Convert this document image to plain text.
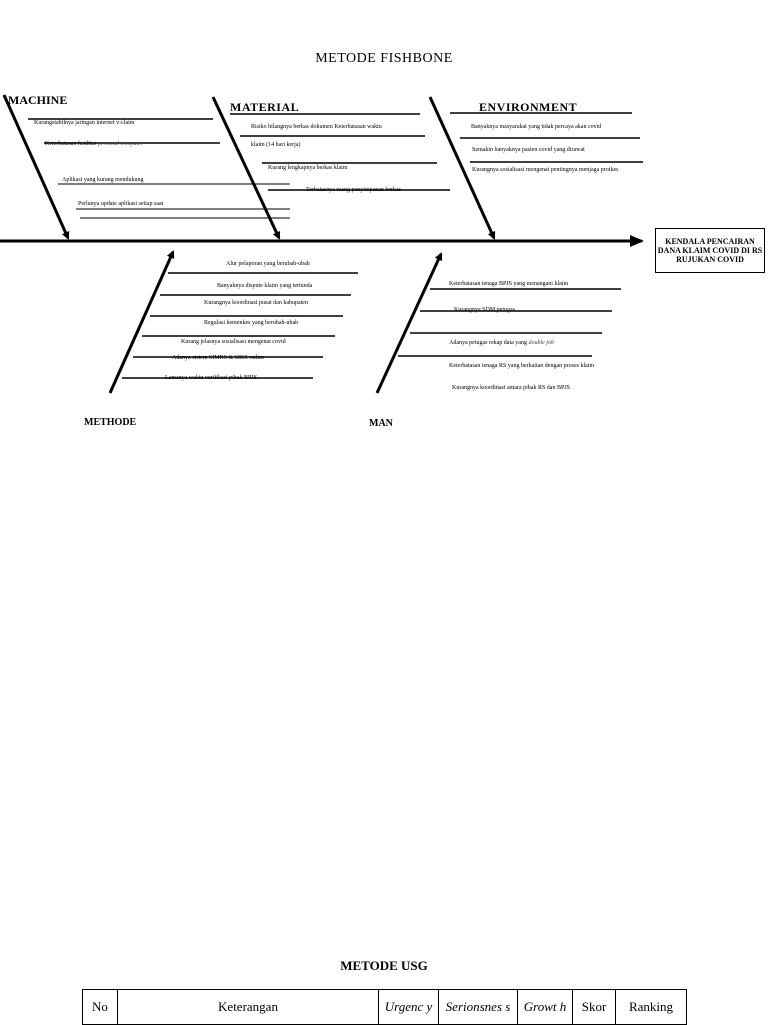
METODE FISHBONE
MACHINE	MATERIAL	ENVIRONMENT
METHODE	MAN
Kurangstabilnya jaringan internet v-claim
Keterbatasan fasilitas personal computer
Aplikasi yang kurang mendukung
Perlunya update aplikasi setiap saat
Risiko hilangnya berkas dokumen Keterbatasan waktu
klaim (14 hari kerja)
Kurang lengkapnya berkas klaim
Terbatasnya ruang penyimpanan berkas
Banyaknya masyarakat yang tidak percaya akan covid
Semakin banyaknya pasien covid yang dirawat
Kurangnya sosialisasi mengenai pentingnya menjaga protkes
KENDALA PENCAIRAN DANA KLAIM COVID DI RS RUJUKAN COVID
Alur pelaporan yang berubah-ubah
Banyaknya dispute klaim yang tertunda
Kurangnya koordinasi pusat dan kabupaten
Regulasi kemenkes yang berubah-ubah
Kurang jelasnya sosialisasi mengenai covid
Adanya sistem SIMRS & SIKS-online
Lamanya waktu verifikasi pihak BPJS
Keterbatasan tenaga BPJS yang menangani klaim
Kurangnya SDM petugas
Adanya petugas rekap data yang double job
Keterbatasan tenaga RS yang berkaitan dengan proses klaim
Kurangnya koordinasi antara pihak RS dan BPJS
METODE USG
No	Keterangan	Urgenc y	Serionsnes s	Growt h	Skor	Ranking
